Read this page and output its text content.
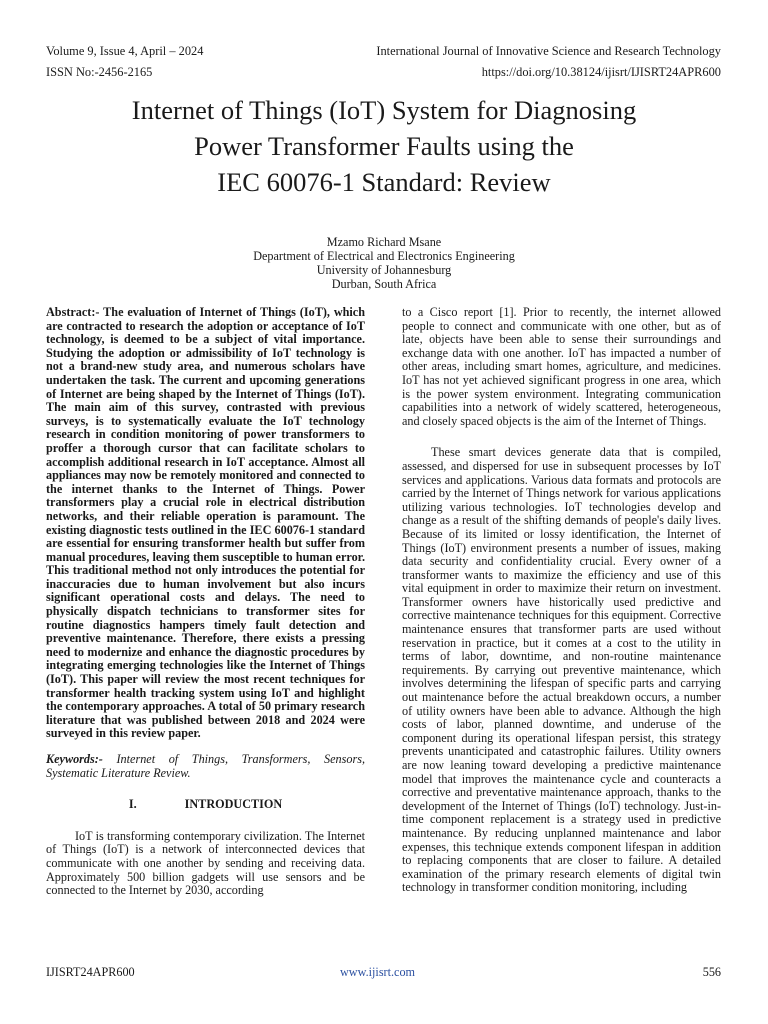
Volume 9, Issue 4, April – 2024
ISSN No:-2456-2165
International Journal of Innovative Science and Research Technology
https://doi.org/10.38124/ijisrt/IJISRT24APR600
Internet of Things (IoT) System for Diagnosing
Power Transformer Faults using the
IEC 60076-1 Standard: Review
Mzamo Richard Msane
Department of Electrical and Electronics Engineering
University of Johannesburg
Durban, South Africa

Abstract:- The evaluation of Internet of Things (IoT), which are contracted to research the adoption or acceptance of IoT technology, is deemed to be a subject of vital importance. Studying the adoption or admissibility of IoT technology is not a brand-new study area, and numerous scholars have undertaken the task. The current and upcoming generations of Internet are being shaped by the Internet of Things (IoT). The main aim of this survey, contrasted with previous surveys, is to systematically evaluate the IoT technology research in condition monitoring of power transformers to proffer a thorough cursor that can facilitate scholars to accomplish additional research in IoT acceptance. Almost all appliances may now be remotely monitored and connected to the internet thanks to the Internet of Things. Power transformers play a crucial role in electrical distribution networks, and their reliable operation is paramount. The existing diagnostic tests outlined in the IEC 60076-1 standard are essential for ensuring transformer health but suffer from manual procedures, leaving them susceptible to human error. This traditional method not only introduces the potential for inaccuracies due to human involvement but also incurs significant operational costs and delays. The need to physically dispatch technicians to transformer sites for routine diagnostics hampers timely fault detection and preventive maintenance. Therefore, there exists a pressing need to modernize and enhance the diagnostic procedures by integrating emerging technologies like the Internet of Things (IoT). This paper will review the most recent techniques for transformer health tracking system using IoT and highlight the contemporary approaches. A total of 50 primary research literature that was published between 2018 and 2024 were surveyed in this review paper.

Keywords:- Internet of Things, Transformers, Sensors, Systematic Literature Review.

I.	INTRODUCTION

IoT is transforming contemporary civilization. The Internet of Things (IoT) is a network of interconnected devices that communicate with one another by sending and receiving data. Approximately 500 billion gadgets will use sensors and be connected to the Internet by 2030, according

to a Cisco report [1]. Prior to recently, the internet allowed people to connect and communicate with one other, but as of late, objects have been able to sense their surroundings and exchange data with one another. IoT has impacted a number of other areas, including smart homes, agriculture, and medicines. IoT has not yet achieved significant progress in one area, which is the power system environment. Integrating communication capabilities into a network of widely scattered, heterogeneous, and closely spaced objects is the aim of the Internet of Things.

These smart devices generate data that is compiled, assessed, and dispersed for use in subsequent processes by IoT services and applications. Various data formats and protocols are carried by the Internet of Things network for various applications utilizing various technologies. IoT technologies develop and change as a result of the shifting demands of people's daily lives. Because of its limited or lossy identification, the Internet of Things (IoT) environment presents a number of issues, making data security and confidentiality crucial. Every owner of a transformer wants to maximize the efficiency and use of this vital equipment in order to maximize their return on investment. Transformer owners have historically used predictive and corrective maintenance techniques for this equipment. Corrective maintenance ensures that transformer parts are used without reservation in practice, but it comes at a cost to the utility in terms of labor, downtime, and non-routine maintenance requirements. By carrying out preventive maintenance, which involves determining the lifespan of specific parts and carrying out maintenance before the actual breakdown occurs, a number of utility owners have been able to advance. Although the high costs of labor, planned downtime, and underuse of the component during its operational lifespan persist, this strategy prevents unanticipated and catastrophic failures. Utility owners are now leaning toward developing a predictive maintenance model that improves the maintenance cycle and counteracts a corrective and preventative maintenance approach, thanks to the development of the Internet of Things (IoT) technology. Just-in-time component replacement is a strategy used in predictive maintenance. By reducing unplanned maintenance and labor expenses, this technique extends component lifespan in addition to replacing components that are closer to failure. A detailed examination of the primary research elements of digital twin technology in transformer condition monitoring, including

IJISRT24APR600	www.ijisrt.com	556
